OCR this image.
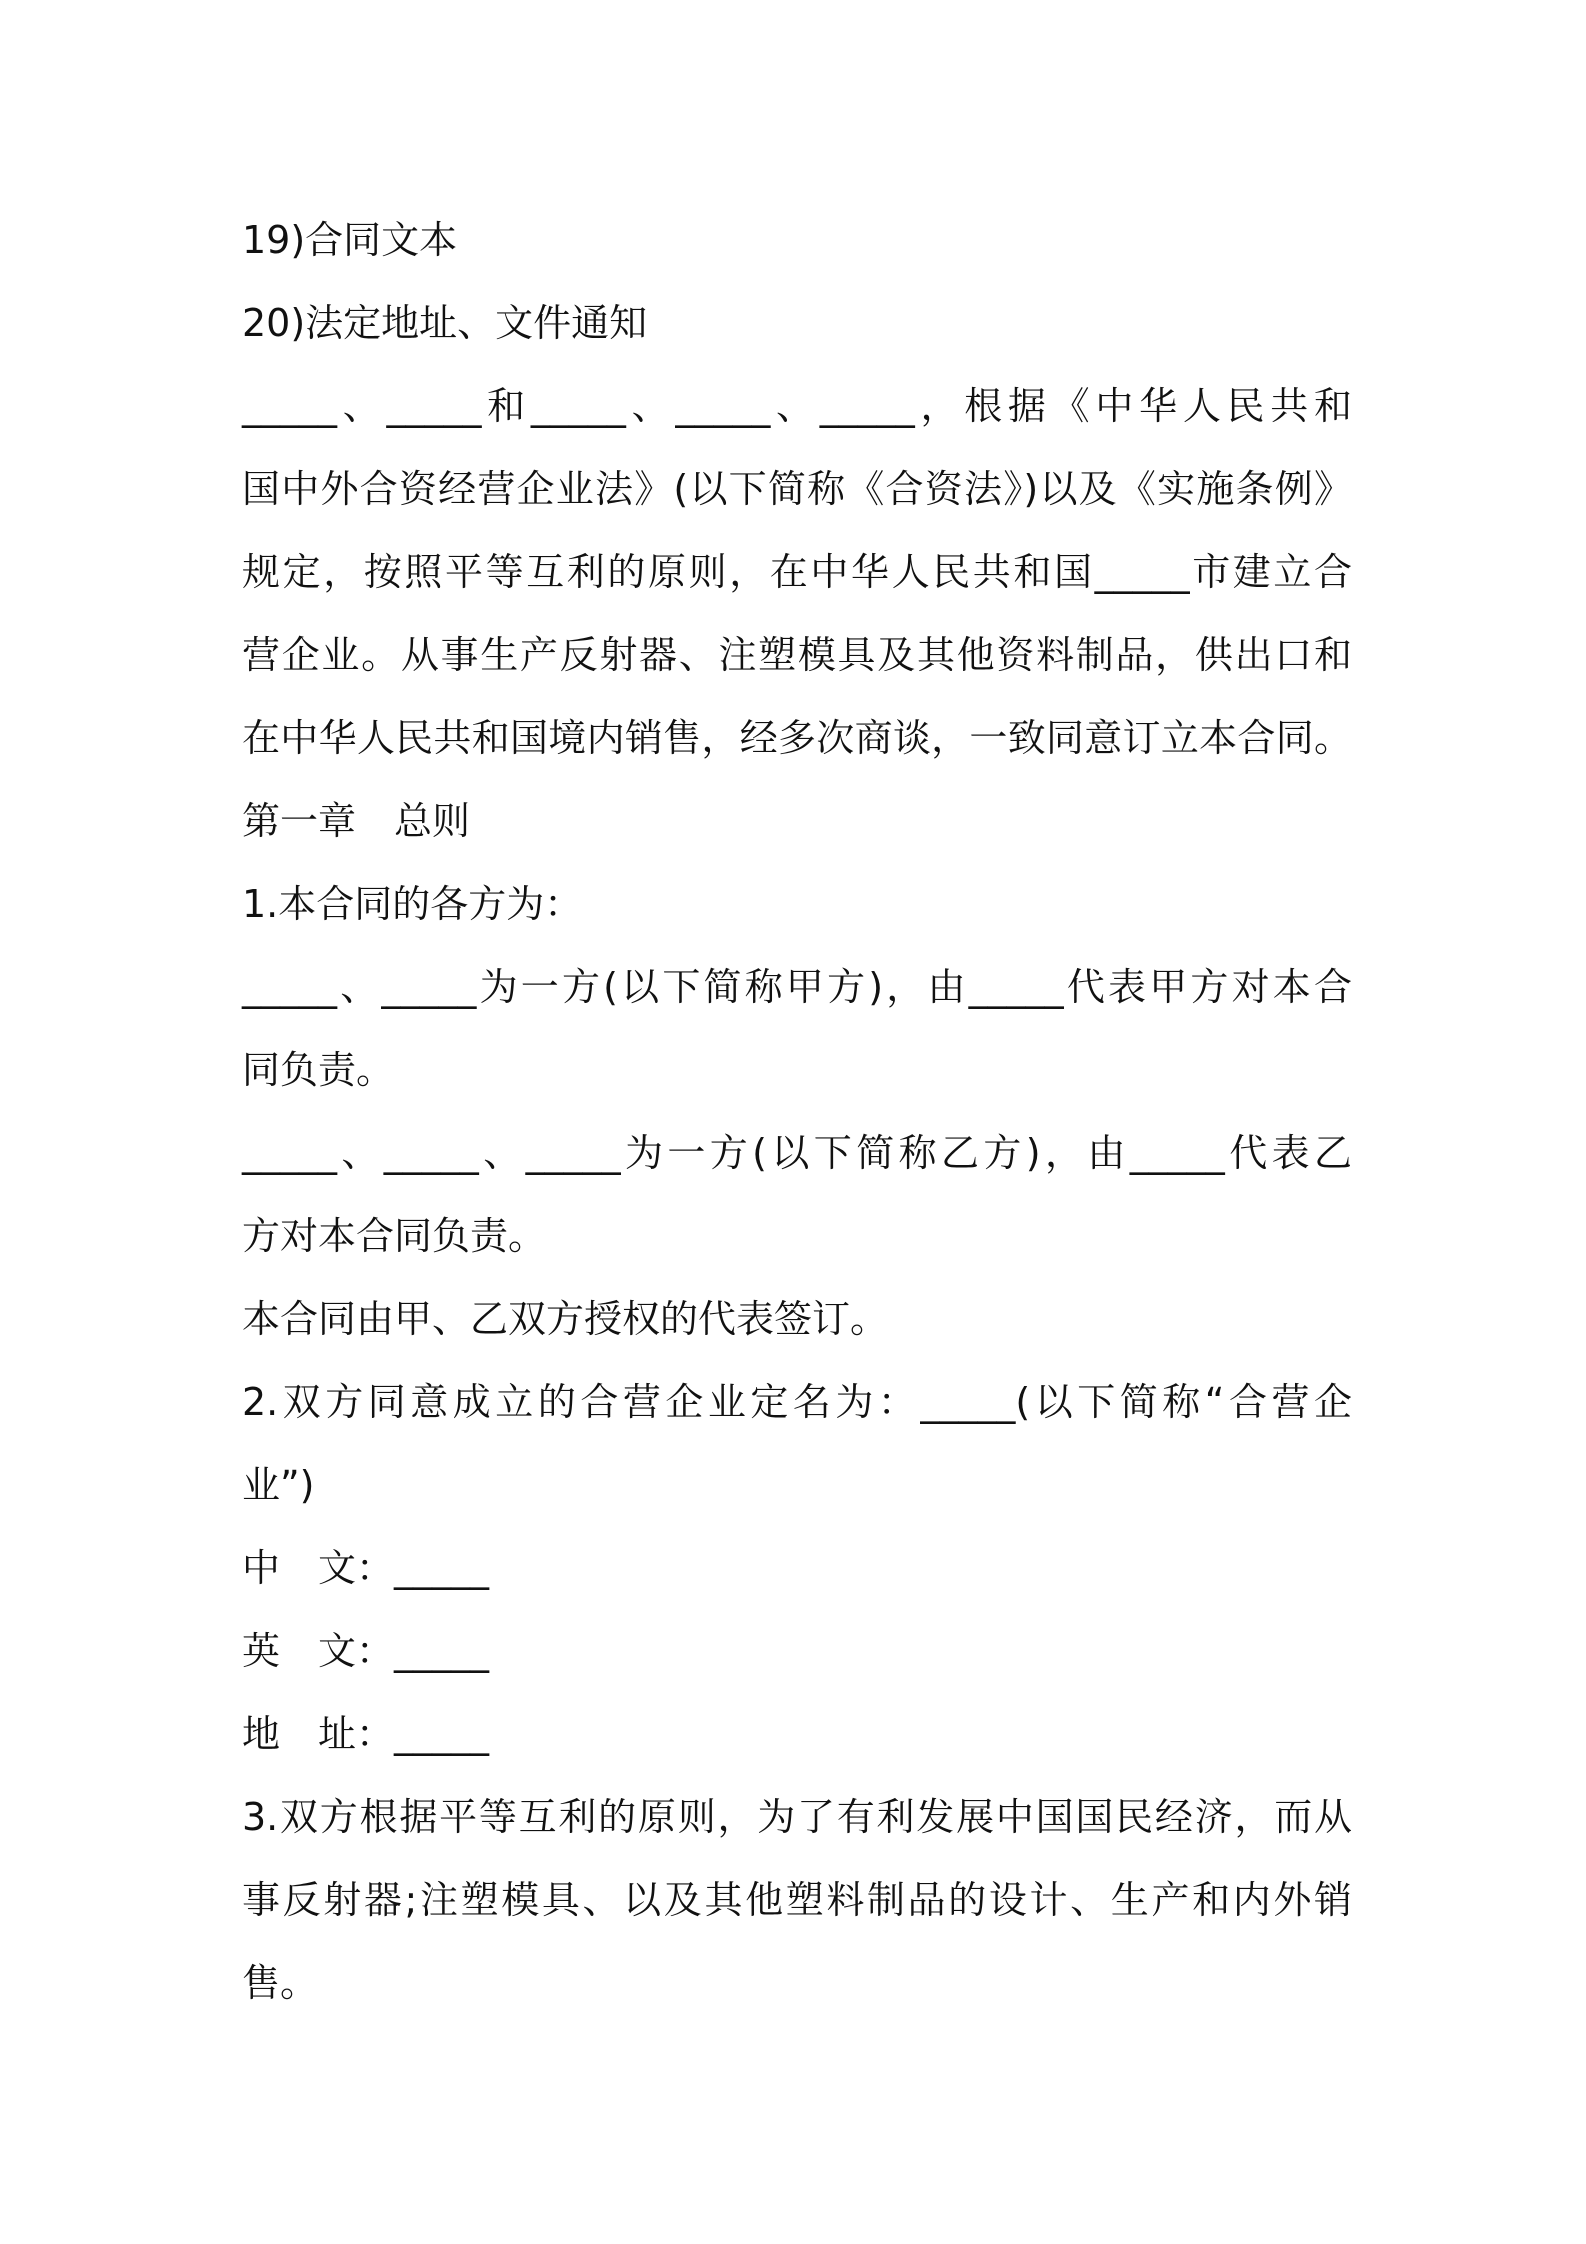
19)合同文本
20)法定地址、文件通知
_____、_____和_____、_____、_____，根据《中华人民共和
国中外合资经营企业法》(以下简称《合资法》)以及《实施条例》
规定，按照平等互利的原则，在中华人民共和国_____市建立合
营企业。从事生产反射器、注塑模具及其他资料制品，供出口和
在中华人民共和国境内销售，经多次商谈，一致同意订立本合同。
第一章　总则
1.本合同的各方为：
_____、_____为一方(以下简称甲方)，由_____代表甲方对本合
同负责。
_____、_____、_____为一方(以下简称乙方)，由_____代表乙
方对本合同负责。
本合同由甲、乙双方授权的代表签订。
2.双方同意成立的合营企业定名为：_____(以下简称“合营企
业”)
中　文：_____
英　文：_____
地　址：_____
3.双方根据平等互利的原则，为了有利发展中国国民经济，而从
事反射器;注塑模具、以及其他塑料制品的设计、生产和内外销
售。
